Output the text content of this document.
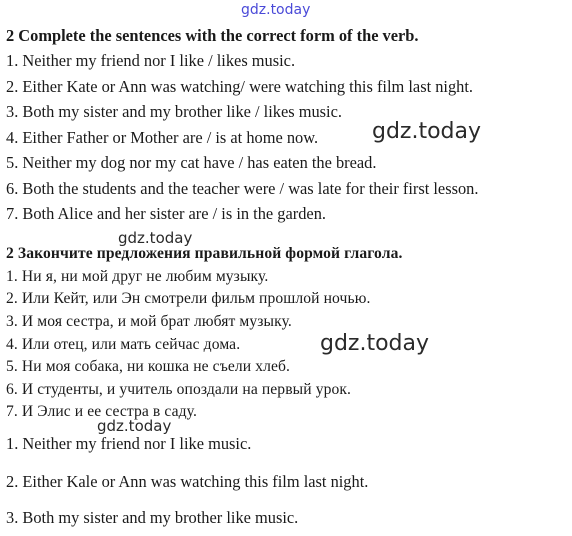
gdz.today
2 Complete the sentences with the correct form of the verb.
1. Neither my friend nor I like / likes music.
2. Either Kate or Ann was watching/ were watching this film last night.
3. Both my sister and my brother like / likes music.
4. Either Father or Mother are / is at home now. gdz.today
5. Neither my dog nor my cat have / has eaten the bread.
6. Both the students and the teacher were / was late for their first lesson.
7. Both Alice and her sister are / is in the garden.
gdz.today
2 Закончите предложения правильной формой глагола.
1. Ни я, ни мой друг не любим музыку.
2. Или Кейт, или Эн смотрели фильм прошлой ночью.
3. И моя сестра, и мой брат любят музыку.
4. Или отец, или мать сейчас дома.	gdz.today
5. Ни моя собака, ни кошка не съели хлеб.
6. И студенты, и учитель опоздали на первый урок.
7. И Элис и ее сестра в саду.
gdz.today
1. Neither my friend nor I like music.
2. Either Kale or Ann was watching this film last night.
3. Both my sister and my brother like music.
